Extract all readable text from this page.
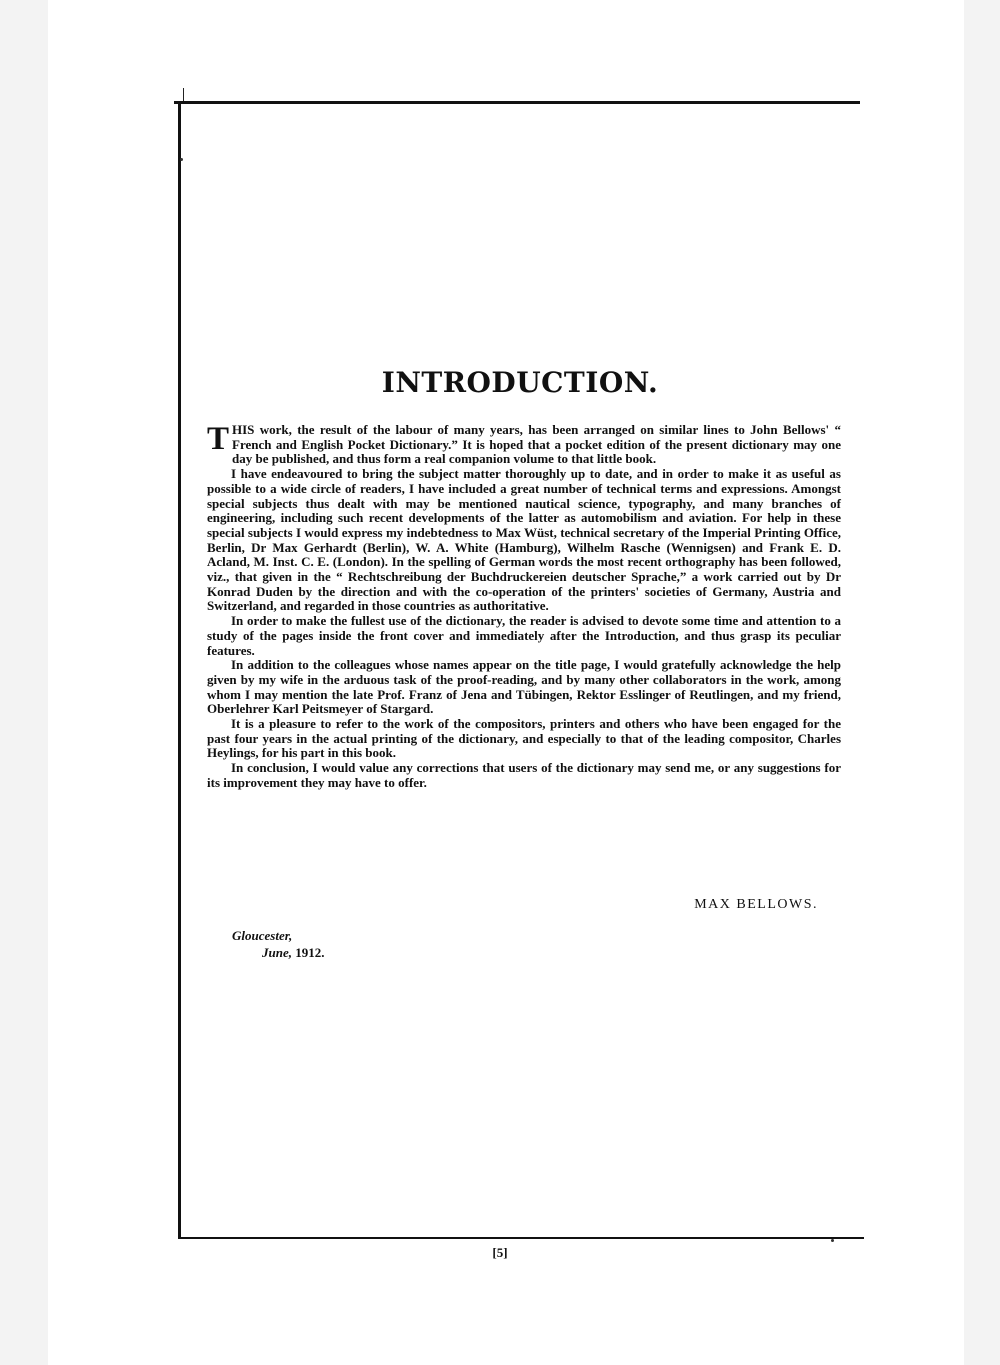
INTRODUCTION.

THIS work, the result of the labour of many years, has been arranged on similar lines to John Bellows' “ French and English Pocket Dictionary.” It is hoped that a pocket edition of the present dictionary may one day be published, and thus form a real companion volume to that little book.

I have endeavoured to bring the subject matter thoroughly up to date, and in order to make it as useful as possible to a wide circle of readers, I have included a great number of technical terms and expressions. Amongst special subjects thus dealt with may be mentioned nautical science, typography, and many branches of engineering, including such recent developments of the latter as automobilism and aviation. For help in these special subjects I would express my indebtedness to Max Wüst, technical secretary of the Imperial Printing Office, Berlin, Dr Max Gerhardt (Berlin), W. A. White (Hamburg), Wilhelm Rasche (Wennigsen) and Frank E. D. Acland, M. Inst. C. E. (London). In the spelling of German words the most recent orthography has been followed, viz., that given in the “ Rechtschreibung der Buchdruckereien deutscher Sprache,” a work carried out by Dr Konrad Duden by the direction and with the co-operation of the printers' societies of Germany, Austria and Switzerland, and regarded in those countries as authoritative.

In order to make the fullest use of the dictionary, the reader is advised to devote some time and attention to a study of the pages inside the front cover and immediately after the Introduction, and thus grasp its peculiar features.

In addition to the colleagues whose names appear on the title page, I would gratefully acknowledge the help given by my wife in the arduous task of the proof-reading, and by many other collaborators in the work, among whom I may mention the late Prof. Franz of Jena and Tübingen, Rektor Esslinger of Reutlingen, and my friend, Oberlehrer Karl Peitsmeyer of Stargard.

It is a pleasure to refer to the work of the compositors, printers and others who have been engaged for the past four years in the actual printing of the dictionary, and especially to that of the leading compositor, Charles Heylings, for his part in this book.

In conclusion, I would value any corrections that users of the dictionary may send me, or any suggestions for its improvement they may have to offer.

MAX BELLOWS.
Gloucester,
June, 1912.
[5]
